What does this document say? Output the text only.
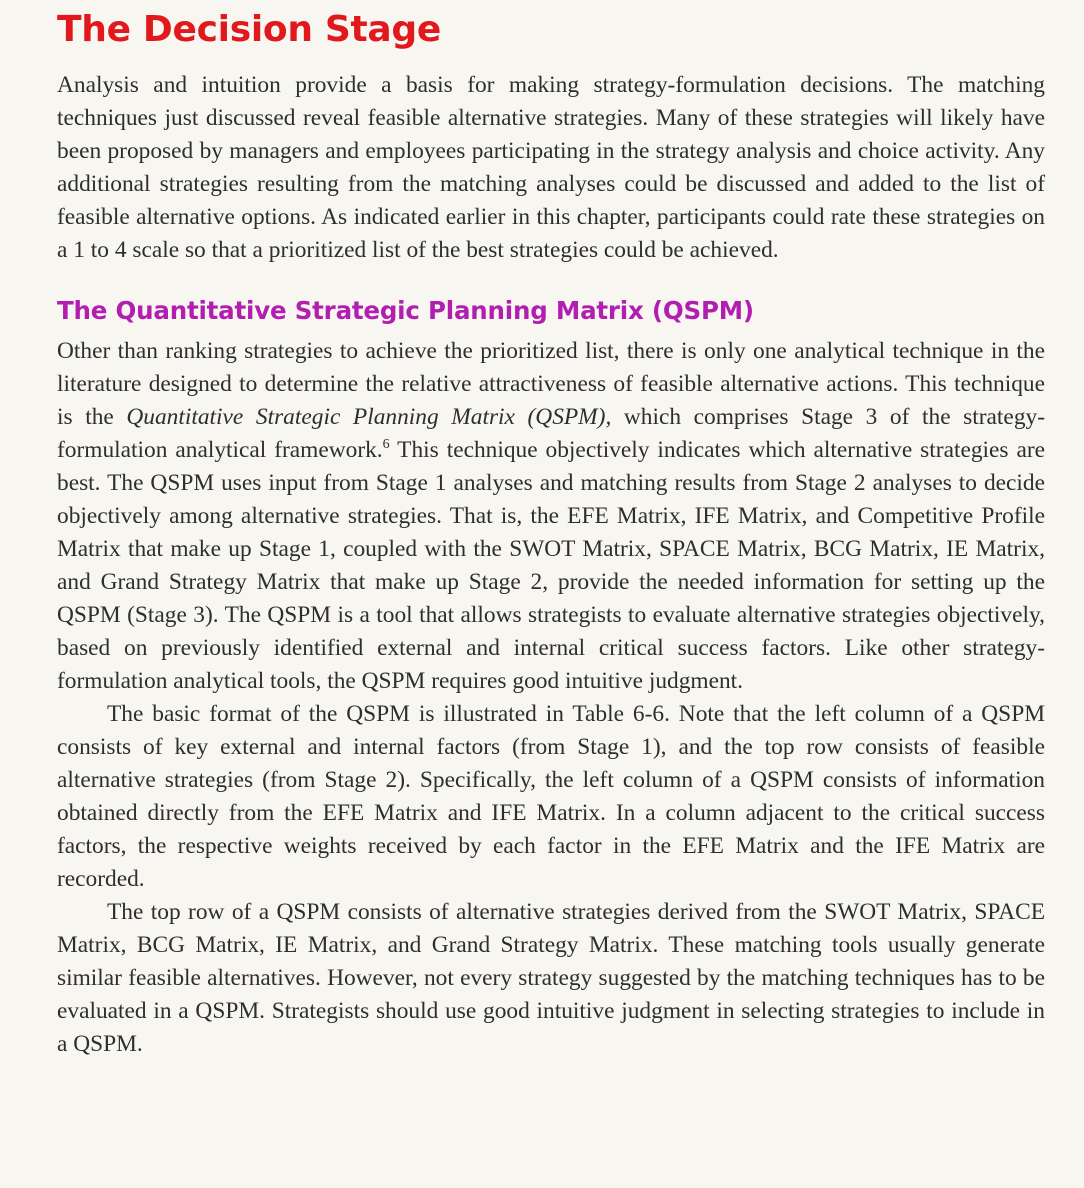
The Decision Stage

Analysis and intuition provide a basis for making strategy-formulation decisions. The matching techniques just discussed reveal feasible alternative strategies. Many of these strategies will likely have been proposed by managers and employees participating in the strategy analysis and choice activity. Any additional strategies resulting from the matching analyses could be discussed and added to the list of feasible alternative options. As indicated earlier in this chapter, participants could rate these strategies on a 1 to 4 scale so that a prioritized list of the best strategies could be achieved.

The Quantitative Strategic Planning Matrix (QSPM)

Other than ranking strategies to achieve the prioritized list, there is only one analytical technique in the literature designed to determine the relative attractiveness of feasible alternative actions. This technique is the Quantitative Strategic Planning Matrix (QSPM), which comprises Stage 3 of the strategy-formulation analytical framework.$^6$ This technique objectively indicates which alternative strategies are best. The QSPM uses input from Stage 1 analyses and matching results from Stage 2 analyses to decide objectively among alternative strategies. That is, the EFE Matrix, IFE Matrix, and Competitive Profile Matrix that make up Stage 1, coupled with the SWOT Matrix, SPACE Matrix, BCG Matrix, IE Matrix, and Grand Strategy Matrix that make up Stage 2, provide the needed information for setting up the QSPM (Stage 3). The QSPM is a tool that allows strategists to evaluate alternative strategies objectively, based on previously identified external and internal critical success factors. Like other strategy-formulation analytical tools, the QSPM requires good intuitive judgment.

The basic format of the QSPM is illustrated in Table 6-6. Note that the left column of a QSPM consists of key external and internal factors (from Stage 1), and the top row consists of feasible alternative strategies (from Stage 2). Specifically, the left column of a QSPM consists of information obtained directly from the EFE Matrix and IFE Matrix. In a column adjacent to the critical success factors, the respective weights received by each factor in the EFE Matrix and the IFE Matrix are recorded.

The top row of a QSPM consists of alternative strategies derived from the SWOT Matrix, SPACE Matrix, BCG Matrix, IE Matrix, and Grand Strategy Matrix. These matching tools usually generate similar feasible alternatives. However, not every strategy suggested by the matching techniques has to be evaluated in a QSPM. Strategists should use good intuitive judgment in selecting strategies to include in a QSPM.
